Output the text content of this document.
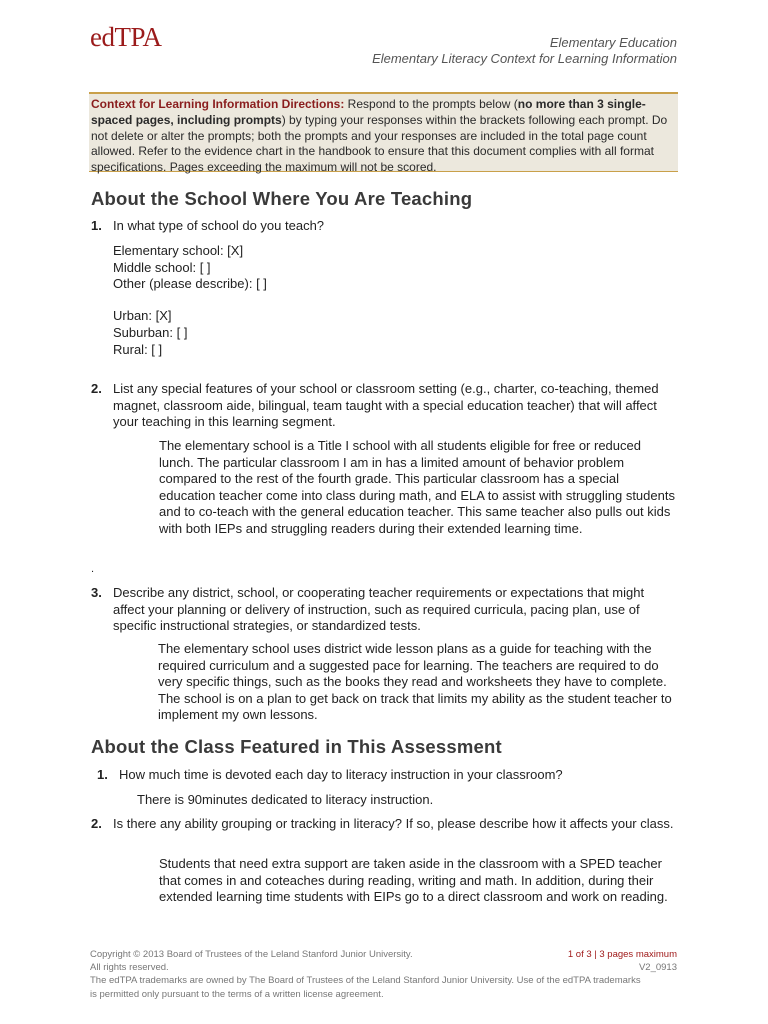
edTPA	Elementary Education
Elementary Literacy Context for Learning Information
Context for Learning Information Directions: Respond to the prompts below (no more than 3 single-spaced pages, including prompts) by typing your responses within the brackets following each prompt. Do not delete or alter the prompts; both the prompts and your responses are included in the total page count allowed. Refer to the evidence chart in the handbook to ensure that this document complies with all format specifications. Pages exceeding the maximum will not be scored.
About the School Where You Are Teaching
1. In what type of school do you teach?
Elementary school: [X]
Middle school: [ ]
Other (please describe): [ ]
Urban: [X]
Suburban: [ ]
Rural: [ ]
2. List any special features of your school or classroom setting (e.g., charter, co-teaching, themed magnet, classroom aide, bilingual, team taught with a special education teacher) that will affect your teaching in this learning segment.
The elementary school is a Title I school with all students eligible for free or reduced lunch. The particular classroom I am in has a limited amount of behavior problem compared to the rest of the fourth grade. This particular classroom has a special education teacher come into class during math, and ELA to assist with struggling students and to co-teach with the general education teacher. This same teacher also pulls out kids with both IEPs and struggling readers during their extended learning time.
.
3. Describe any district, school, or cooperating teacher requirements or expectations that might affect your planning or delivery of instruction, such as required curricula, pacing plan, use of specific instructional strategies, or standardized tests.
The elementary school uses district wide lesson plans as a guide for teaching with the required curriculum and a suggested pace for learning. The teachers are required to do very specific things, such as the books they read and worksheets they have to complete. The school is on a plan to get back on track that limits my ability as the student teacher to implement my own lessons.
About the Class Featured in This Assessment
1. How much time is devoted each day to literacy instruction in your classroom?
There is 90minutes dedicated to literacy instruction.
2. Is there any ability grouping or tracking in literacy? If so, please describe how it affects your class.
Students that need extra support are taken aside in the classroom with a SPED teacher that comes in and coteaches during reading, writing and math. In addition, during their extended learning time students with EIPs go to a direct classroom and work on reading.
Copyright © 2013 Board of Trustees of the Leland Stanford Junior University.
All rights reserved.
The edTPA trademarks are owned by The Board of Trustees of the Leland Stanford Junior University. Use of the edTPA trademarks is permitted only pursuant to the terms of a written license agreement.
1 of 3 | 3 pages maximum
V2_0913
